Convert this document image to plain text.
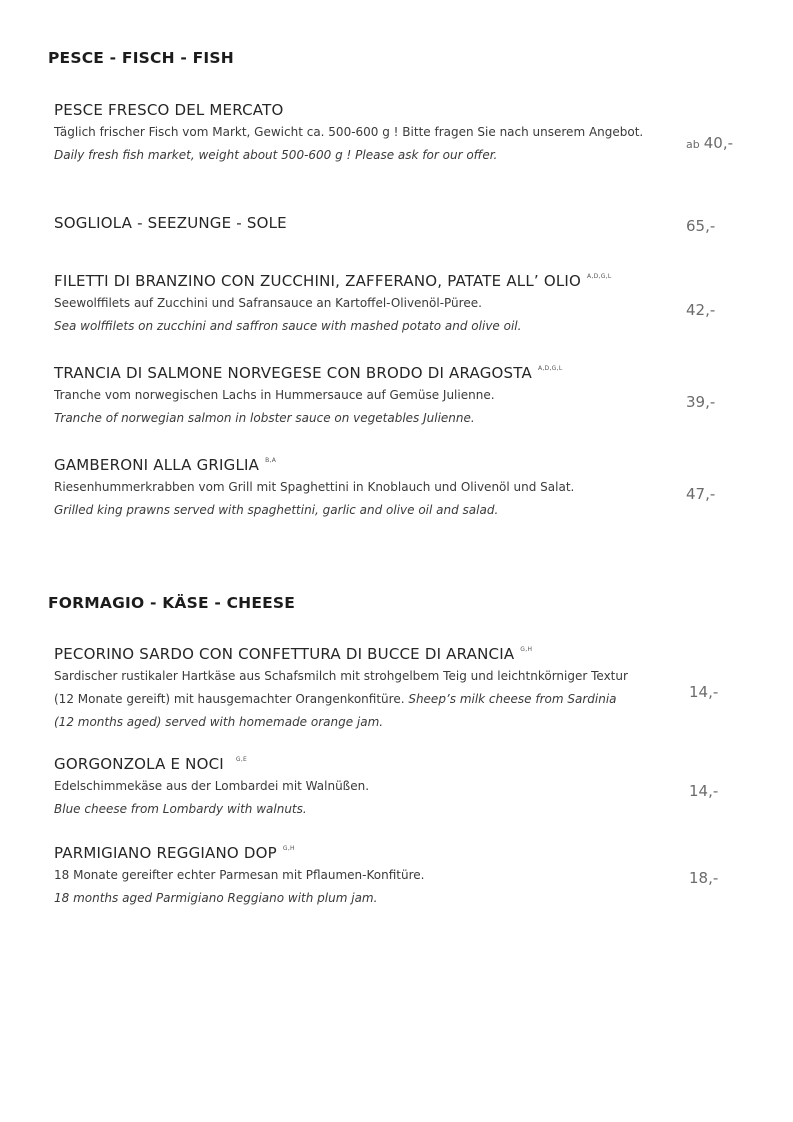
PESCE - FISCH - FISH
PESCE FRESCO DEL MERCATO
Täglich frischer Fisch vom Markt, Gewicht ca. 500-600 g ! Bitte fragen Sie nach unserem Angebot.
Daily fresh fish market, weight about 500-600 g ! Please ask for our offer.
ab 40,-
SOGLIOLA - SEEZUNGE - SOLE	65,-
FILETTI DI BRANZINO CON ZUCCHINI, ZAFFERANO, PATATE ALL’ OLIO $^{A,D,G,L}$
Seewolffilets auf Zucchini und Safransauce an Kartoffel-Olivenöl-Püree.
Sea wolffilets on zucchini and saffron sauce with mashed potato and olive oil.
42,-
TRANCIA DI SALMONE NORVEGESE CON BRODO DI ARAGOSTA $^{A,D,G,L}$
Tranche vom norwegischen Lachs in Hummersauce auf Gemüse Julienne.
Tranche of norwegian salmon in lobster sauce on vegetables Julienne.
39,-
GAMBERONI ALLA GRIGLIA $^{B,A}$
Riesenhummerkrabben vom Grill mit Spaghettini in Knoblauch und Olivenöl und Salat.
Grilled king prawns served with spaghettini, garlic and olive oil and salad.
47,-
FORMAGIO - KÄSE - CHEESE
PECORINO SARDO CON CONFETTURA DI BUCCE DI ARANCIA $^{G,H}$
Sardischer rustikaler Hartkäse aus Schafsmilch mit strohgelbem Teig und leichtnkörniger Textur
(12 Monate gereift) mit hausgemachter Orangenkonfitüre. Sheep’s milk cheese from Sardinia
(12 months aged) served with homemade orange jam.
14,-
GORGONZOLA E NOCI $^{G,E}$
Edelschimmekäse aus der Lombardei mit Walnüßen.
Blue cheese from Lombardy with walnuts.
14,-
PARMIGIANO REGGIANO DOP $^{G,H}$
18 Monate gereifter echter Parmesan mit Pflaumen-Konfitüre.
18 months aged Parmigiano Reggiano with plum jam.
18,-
